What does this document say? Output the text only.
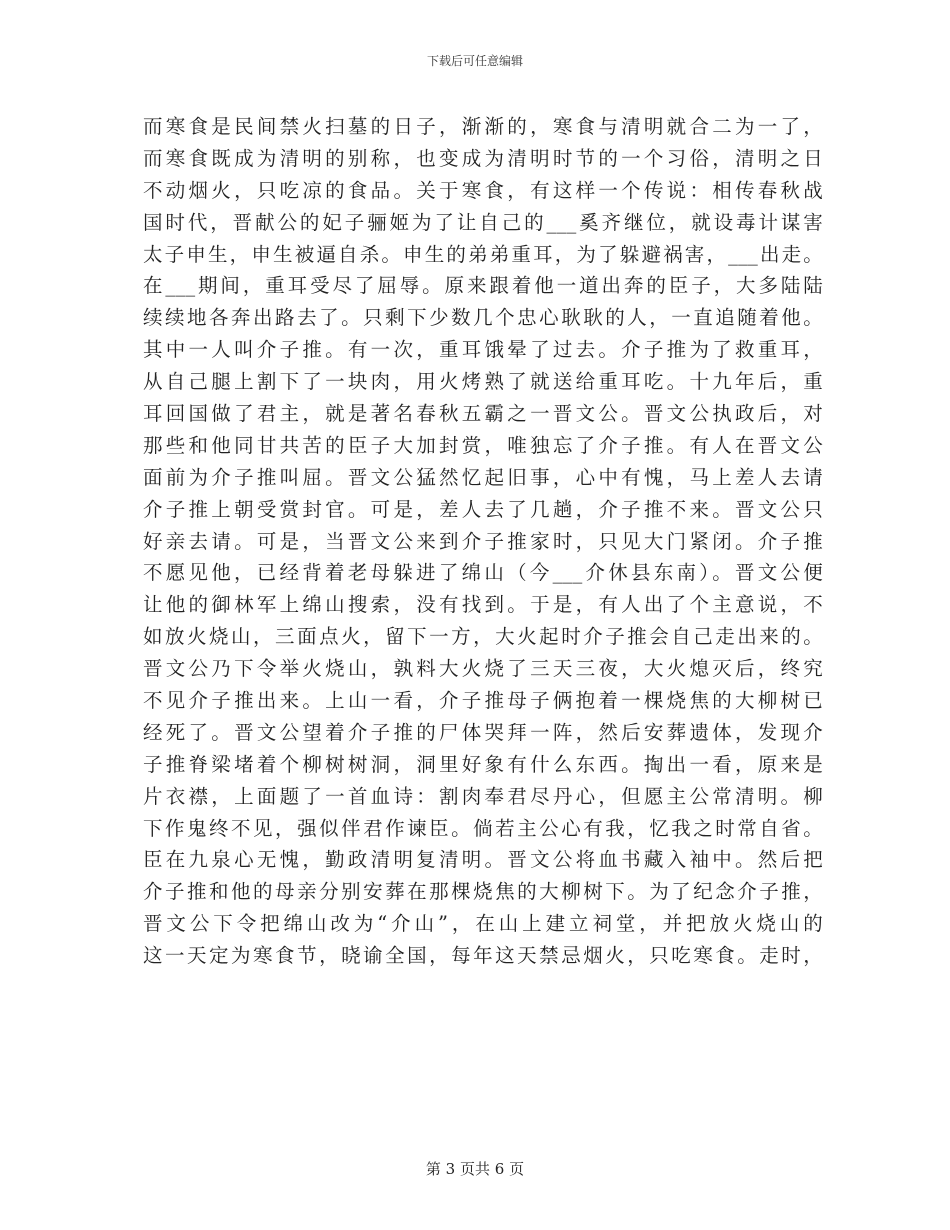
下载后可任意编辑
而寒食是民间禁火扫墓的日子，渐渐的，寒食与清明就合二为一了，
而寒食既成为清明的别称，也变成为清明时节的一个习俗，清明之日
不动烟火，只吃凉的食品。关于寒食，有这样一个传说：相传春秋战
国时代，晋献公的妃子骊姬为了让自己的___奚齐继位，就设毒计谋害
太子申生，申生被逼自杀。申生的弟弟重耳，为了躲避祸害，___出走。
在___期间，重耳受尽了屈辱。原来跟着他一道出奔的臣子，大多陆陆
续续地各奔出路去了。只剩下少数几个忠心耿耿的人，一直追随着他。
其中一人叫介子推。有一次，重耳饿晕了过去。介子推为了救重耳，
从自己腿上割下了一块肉，用火烤熟了就送给重耳吃。十九年后，重
耳回国做了君主，就是著名春秋五霸之一晋文公。晋文公执政后，对
那些和他同甘共苦的臣子大加封赏，唯独忘了介子推。有人在晋文公
面前为介子推叫屈。晋文公猛然忆起旧事，心中有愧，马上差人去请
介子推上朝受赏封官。可是，差人去了几趟，介子推不来。晋文公只
好亲去请。可是，当晋文公来到介子推家时，只见大门紧闭。介子推
不愿见他，已经背着老母躲进了绵山（今___介休县东南）。晋文公便
让他的御林军上绵山搜索，没有找到。于是，有人出了个主意说，不
如放火烧山，三面点火，留下一方，大火起时介子推会自己走出来的。
晋文公乃下令举火烧山，孰料大火烧了三天三夜，大火熄灭后，终究
不见介子推出来。上山一看，介子推母子俩抱着一棵烧焦的大柳树已
经死了。晋文公望着介子推的尸体哭拜一阵，然后安葬遗体，发现介
子推脊梁堵着个柳树树洞，洞里好象有什么东西。掏出一看，原来是
片衣襟，上面题了一首血诗：割肉奉君尽丹心，但愿主公常清明。柳
下作鬼终不见，强似伴君作谏臣。倘若主公心有我，忆我之时常自省。
臣在九泉心无愧，勤政清明复清明。晋文公将血书藏入袖中。然后把
介子推和他的母亲分别安葬在那棵烧焦的大柳树下。为了纪念介子推，
晋文公下令把绵山改为“介山”，在山上建立祠堂，并把放火烧山的
这一天定为寒食节，晓谕全国，每年这天禁忌烟火，只吃寒食。走时，
第 3 页共 6 页
